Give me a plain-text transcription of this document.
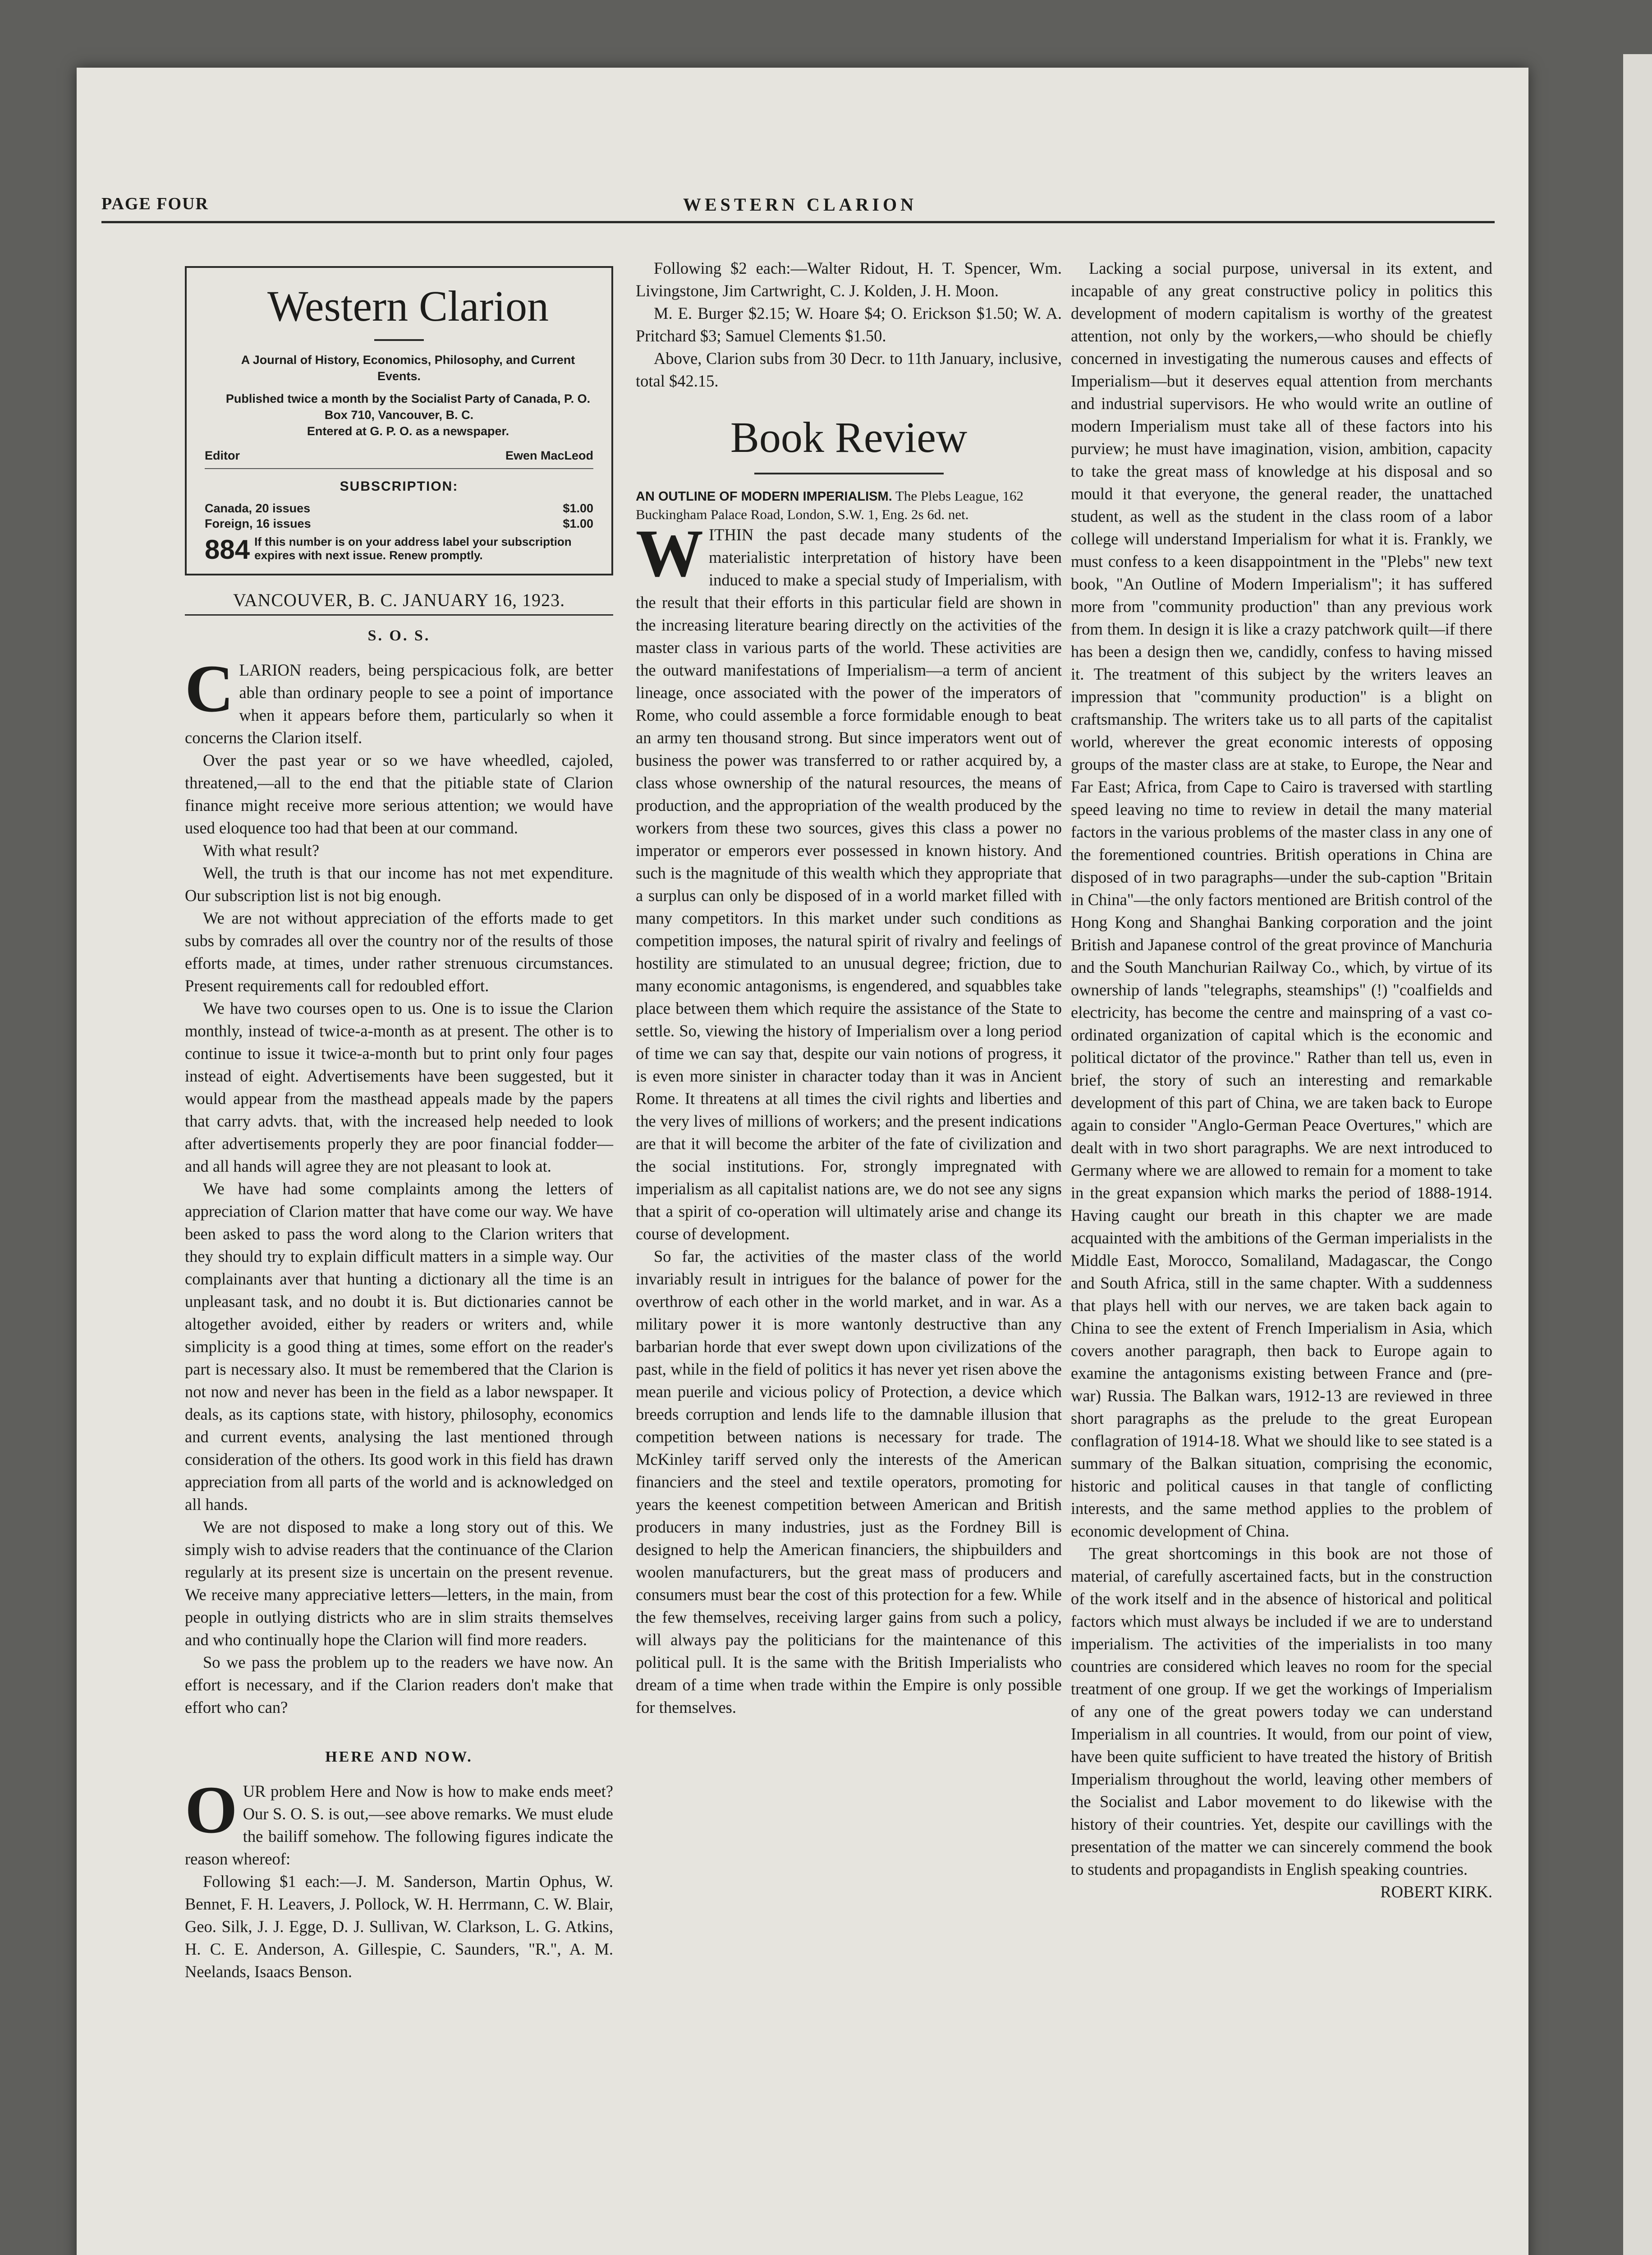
PAGE FOUR	WESTERN CLARION

Western Clarion

A Journal of History, Economics, Philosophy, and Current Events.

Published twice a month by the Socialist Party of Canada, P. O. Box 710, Vancouver, B. C.

Entered at G. P. O. as a newspaper.

Editor	Ewen MacLeod
SUBSCRIPTION:
Canada, 20 issues	$1.00
Foreign, 16 issues	$1.00
884 If this number is on your address label your subscription expires with next issue. Renew promptly.
VANCOUVER, B. C. JANUARY 16, 1923.
S. O. S.

CLARION readers, being perspicacious folk, are better able than ordinary people to see a point of importance when it appears before them, particularly so when it concerns the Clarion itself.

Over the past year or so we have wheedled, cajoled, threatened,—all to the end that the pitiable state of Clarion finance might receive more serious attention; we would have used eloquence too had that been at our command.

With what result?

Well, the truth is that our income has not met expenditure. Our subscription list is not big enough.

We are not without appreciation of the efforts made to get subs by comrades all over the country nor of the results of those efforts made, at times, under rather strenuous circumstances. Present requirements call for redoubled effort.

We have two courses open to us. One is to issue the Clarion monthly, instead of twice-a-month as at present. The other is to continue to issue it twice-a-month but to print only four pages instead of eight. Advertisements have been suggested, but it would appear from the masthead appeals made by the papers that carry advts. that, with the increased help needed to look after advertisements properly they are poor financial fodder—and all hands will agree they are not pleasant to look at.

We have had some complaints among the letters of appreciation of Clarion matter that have come our way. We have been asked to pass the word along to the Clarion writers that they should try to explain difficult matters in a simple way. Our complainants aver that hunting a dictionary all the time is an unpleasant task, and no doubt it is. But dictionaries cannot be altogether avoided, either by readers or writers and, while simplicity is a good thing at times, some effort on the reader's part is necessary also. It must be remembered that the Clarion is not now and never has been in the field as a labor newspaper. It deals, as its captions state, with history, philosophy, economics and current events, analysing the last mentioned through consideration of the others. Its good work in this field has drawn appreciation from all parts of the world and is acknowledged on all hands.

We are not disposed to make a long story out of this. We simply wish to advise readers that the continuance of the Clarion regularly at its present size is uncertain on the present revenue. We receive many appreciative letters—letters, in the main, from people in outlying districts who are in slim straits themselves and who continually hope the Clarion will find more readers.

So we pass the problem up to the readers we have now. An effort is necessary, and if the Clarion readers don't make that effort who can?

HERE AND NOW.

OUR problem Here and Now is how to make ends meet? Our S. O. S. is out,—see above remarks. We must elude the bailiff somehow. The following figures indicate the reason whereof:

Following $1 each:—J. M. Sanderson, Martin Ophus, W. Bennet, F. H. Leavers, J. Pollock, W. H. Herrmann, C. W. Blair, Geo. Silk, J. J. Egge, D. J. Sullivan, W. Clarkson, L. G. Atkins, H. C. E. Anderson, A. Gillespie, C. Saunders, "R.", A. M. Neelands, Isaacs Benson.

Following $2 each:—Walter Ridout, H. T. Spencer, Wm. Livingstone, Jim Cartwright, C. J. Kolden, J. H. Moon.

M. E. Burger $2.15; W. Hoare $4; O. Erickson $1.50; W. A. Pritchard $3; Samuel Clements $1.50.

Above, Clarion subs from 30 Decr. to 11th January, inclusive, total $42.15.

Book Review

AN OUTLINE OF MODERN IMPERIALISM. The Plebs League, 162 Buckingham Palace Road, London, S.W. 1, Eng. 2s 6d. net.

WITHIN the past decade many students of the materialistic interpretation of history have been induced to make a special study of Imperialism, with the result that their efforts in this particular field are shown in the increasing literature bearing directly on the activities of the master class in various parts of the world. These activities are the outward manifestations of Imperialism—a term of ancient lineage, once associated with the power of the imperators of Rome, who could assemble a force formidable enough to beat an army ten thousand strong. But since imperators went out of business the power was transferred to or rather acquired by, a class whose ownership of the natural resources, the means of production, and the appropriation of the wealth produced by the workers from these two sources, gives this class a power no imperator or emperors ever possessed in known history. And such is the magnitude of this wealth which they appropriate that a surplus can only be disposed of in a world market filled with many competitors. In this market under such conditions as competition imposes, the natural spirit of rivalry and feelings of hostility are stimulated to an unusual degree; friction, due to many economic antagonisms, is engendered, and squabbles take place between them which require the assistance of the State to settle. So, viewing the history of Imperialism over a long period of time we can say that, despite our vain notions of progress, it is even more sinister in character today than it was in Ancient Rome. It threatens at all times the civil rights and liberties and the very lives of millions of workers; and the present indications are that it will become the arbiter of the fate of civilization and the social institutions. For, strongly impregnated with imperialism as all capitalist nations are, we do not see any signs that a spirit of co-operation will ultimately arise and change its course of development.

So far, the activities of the master class of the world invariably result in intrigues for the balance of power for the overthrow of each other in the world market, and in war. As a military power it is more wantonly destructive than any barbarian horde that ever swept down upon civilizations of the past, while in the field of politics it has never yet risen above the mean puerile and vicious policy of Protection, a device which breeds corruption and lends life to the damnable illusion that competition between nations is necessary for trade. The McKinley tariff served only the interests of the American financiers and the steel and textile operators, promoting for years the keenest competition between American and British producers in many industries, just as the Fordney Bill is designed to help the American financiers, the shipbuilders and woolen manufacturers, but the great mass of producers and consumers must bear the cost of this protection for a few. While the few themselves, receiving larger gains from such a policy, will always pay the politicians for the maintenance of this political pull. It is the same with the British Imperialists who dream of a time when trade within the Empire is only possible for themselves.

Lacking a social purpose, universal in its extent, and incapable of any great constructive policy in politics this development of modern capitalism is worthy of the greatest attention, not only by the workers,—who should be chiefly concerned in investigating the numerous causes and effects of Imperialism—but it deserves equal attention from merchants and industrial supervisors. He who would write an outline of modern Imperialism must take all of these factors into his purview; he must have imagination, vision, ambition, capacity to take the great mass of knowledge at his disposal and so mould it that everyone, the general reader, the unattached student, as well as the student in the class room of a labor college will understand Imperialism for what it is. Frankly, we must confess to a keen disappointment in the "Plebs" new text book, "An Outline of Modern Imperialism"; it has suffered more from "community production" than any previous work from them. In design it is like a crazy patchwork quilt—if there has been a design then we, candidly, confess to having missed it. The treatment of this subject by the writers leaves an impression that "community production" is a blight on craftsmanship. The writers take us to all parts of the capitalist world, wherever the great economic interests of opposing groups of the master class are at stake, to Europe, the Near and Far East; Africa, from Cape to Cairo is traversed with startling speed leaving no time to review in detail the many material factors in the various problems of the master class in any one of the forementioned countries. British operations in China are disposed of in two paragraphs—under the sub-caption "Britain in China"—the only factors mentioned are British control of the Hong Kong and Shanghai Banking corporation and the joint British and Japanese control of the great province of Manchuria and the South Manchurian Railway Co., which, by virtue of its ownership of lands "telegraphs, steamships" (!) "coalfields and electricity, has become the centre and mainspring of a vast co-ordinated organization of capital which is the economic and political dictator of the province." Rather than tell us, even in brief, the story of such an interesting and remarkable development of this part of China, we are taken back to Europe again to consider "Anglo-German Peace Overtures," which are dealt with in two short paragraphs. We are next introduced to Germany where we are allowed to remain for a moment to take in the great expansion which marks the period of 1888-1914. Having caught our breath in this chapter we are made acquainted with the ambitions of the German imperialists in the Middle East, Morocco, Somaliland, Madagascar, the Congo and South Africa, still in the same chapter. With a suddenness that plays hell with our nerves, we are taken back again to China to see the extent of French Imperialism in Asia, which covers another paragraph, then back to Europe again to examine the antagonisms existing between France and (pre-war) Russia. The Balkan wars, 1912-13 are reviewed in three short paragraphs as the prelude to the great European conflagration of 1914-18. What we should like to see stated is a summary of the Balkan situation, comprising the economic, historic and political causes in that tangle of conflicting interests, and the same method applies to the problem of economic development of China.

The great shortcomings in this book are not those of material, of carefully ascertained facts, but in the construction of the work itself and in the absence of historical and political factors which must always be included if we are to understand imperialism. The activities of the imperialists in too many countries are considered which leaves no room for the special treatment of one group. If we get the workings of Imperialism of any one of the great powers today we can understand Imperialism in all countries. It would, from our point of view, have been quite sufficient to have treated the history of British Imperialism throughout the world, leaving other members of the Socialist and Labor movement to do likewise with the history of their countries. Yet, despite our cavillings with the presentation of the matter we can sincerely commend the book to students and propagandists in English speaking countries.

ROBERT KIRK.
